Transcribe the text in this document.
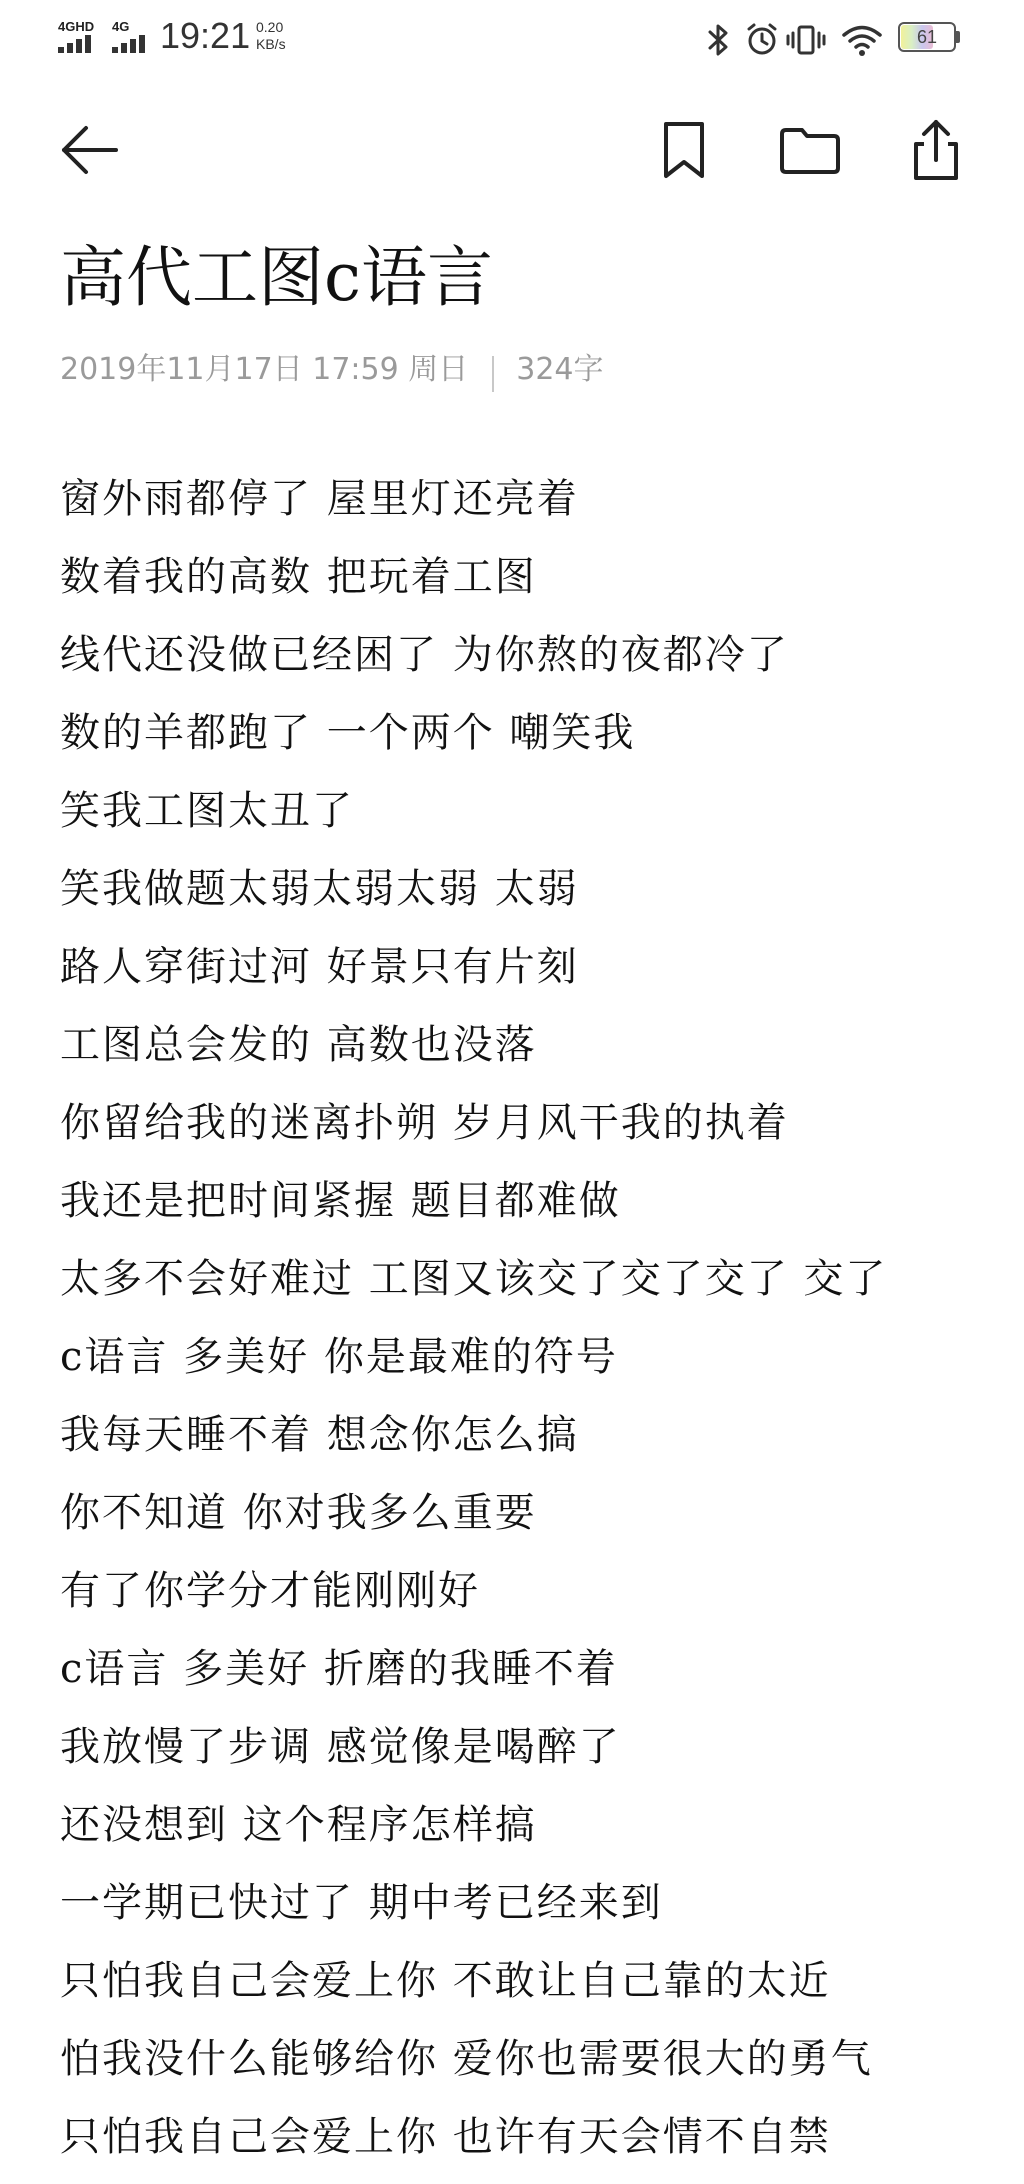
4GHD 4G 19:21 0.20
KB/s	61
高代工图c语言
2019年11月17日 17:59 周日 324字
窗外雨都停了 屋里灯还亮着
数着我的高数 把玩着工图
线代还没做已经困了 为你熬的夜都冷了
数的羊都跑了 一个两个 嘲笑我
笑我工图太丑了
笑我做题太弱太弱太弱 太弱
路人穿街过河 好景只有片刻
工图总会发的 高数也没落
你留给我的迷离扑朔 岁月风干我的执着
我还是把时间紧握 题目都难做
太多不会好难过 工图又该交了交了交了 交了
c语言 多美好 你是最难的符号
我每天睡不着 想念你怎么搞
你不知道 你对我多么重要
有了你学分才能刚刚好
c语言 多美好 折磨的我睡不着
我放慢了步调 感觉像是喝醉了
还没想到 这个程序怎样搞
一学期已快过了 期中考已经来到
只怕我自己会爱上你 不敢让自己靠的太近
怕我没什么能够给你 爱你也需要很大的勇气
只怕我自己会爱上你 也许有天会情不自禁
